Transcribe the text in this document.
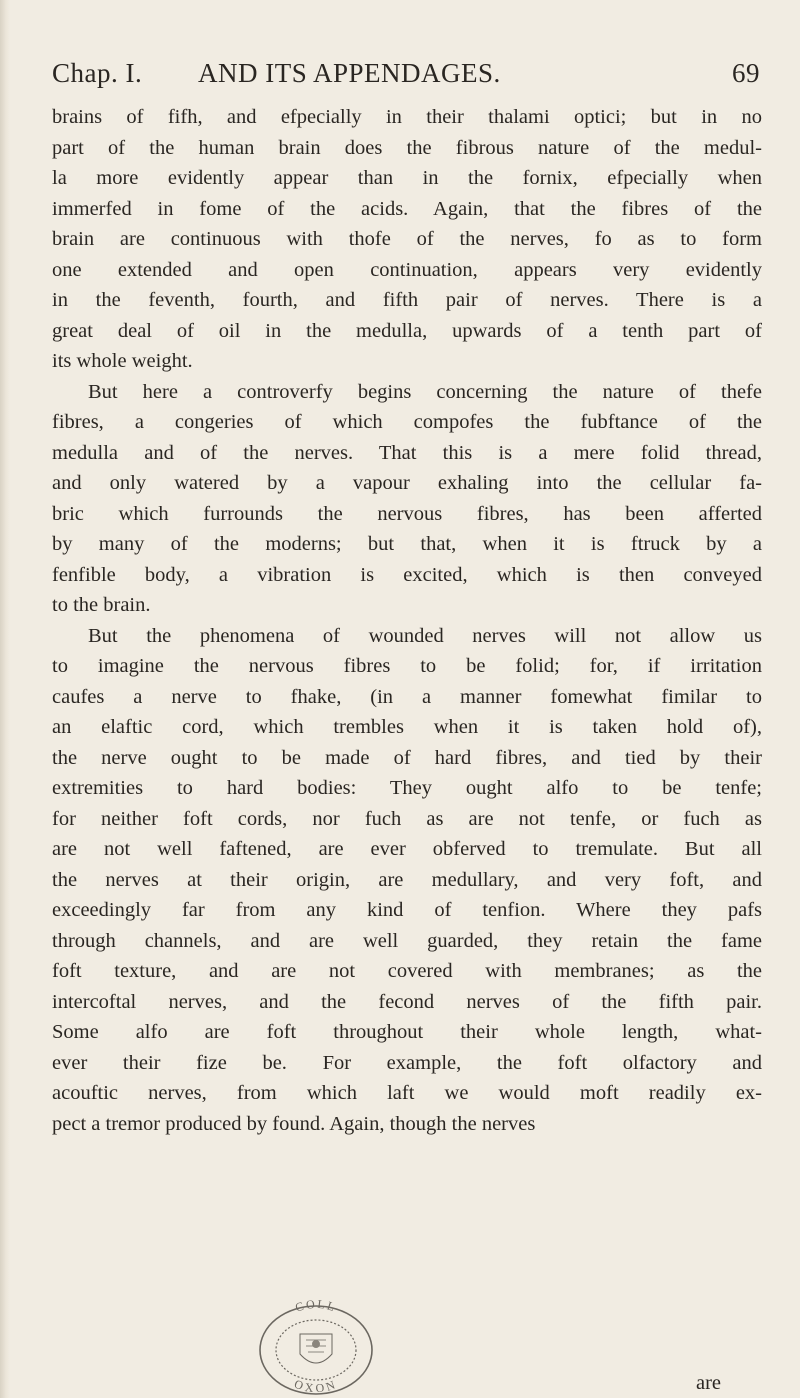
Chap. I. AND ITS APPENDAGES.	69
brains of fifh, and efpecially in their thalami optici; but in no
part of the human brain does the fibrous nature of the medul-
la more evidently appear than in the fornix, efpecially when
immerfed in fome of the acids. Again, that the fibres of the
brain are continuous with thofe of the nerves, fo as to form
one extended and open continuation, appears very evidently
in the feventh, fourth, and fifth pair of nerves. There is a
great deal of oil in the medulla, upwards of a tenth part of
its whole weight.
But here a controverfy begins concerning the nature of thefe
fibres, a congeries of which compofes the fubftance of the
medulla and of the nerves. That this is a mere folid thread,
and only watered by a vapour exhaling into the cellular fa-
bric which furrounds the nervous fibres, has been afferted
by many of the moderns; but that, when it is ftruck by a
fenfible body, a vibration is excited, which is then conveyed
to the brain.
But the phenomena of wounded nerves will not allow us
to imagine the nervous fibres to be folid; for, if irritation
caufes a nerve to fhake, (in a manner fomewhat fimilar to
an elaftic cord, which trembles when it is taken hold of),
the nerve ought to be made of hard fibres, and tied by their
extremities to hard bodies: They ought alfo to be tenfe;
for neither foft cords, nor fuch as are not tenfe, or fuch as
are not well faftened, are ever obferved to tremulate. But all
the nerves at their origin, are medullary, and very foft, and
exceedingly far from any kind of tenfion. Where they pafs
through channels, and are well guarded, they retain the fame
foft texture, and are not covered with membranes; as the
intercoftal nerves, and the fecond nerves of the fifth pair.
Some alfo are foft throughout their whole length, what-
ever their fize be. For example, the foft olfactory and
acouftic nerves, from which laft we would moft readily ex-
pect a tremor produced by found. Again, though the nerves
COLL
OXON	are
